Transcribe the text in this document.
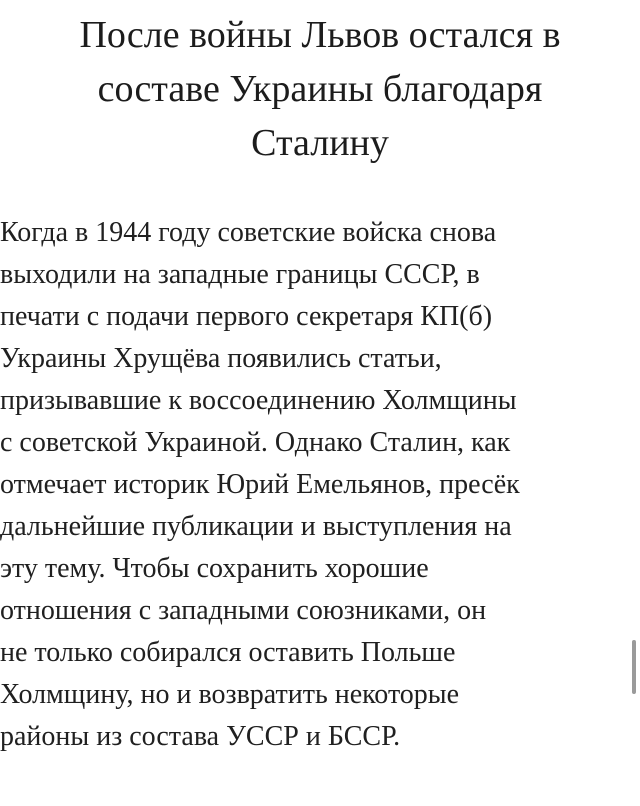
После войны Львов остался в
составе Украины благодаря
Сталину

Когда в 1944 году советские войска снова
выходили на западные границы СССР, в
печати с подачи первого секретаря КП(б)
Украины Хрущёва появились статьи,
призывавшие к воссоединению Холмщины
с советской Украиной. Однако Сталин, как
отмечает историк Юрий Емельянов, пресёк
дальнейшие публикации и выступления на
эту тему. Чтобы сохранить хорошие
отношения с западными союзниками, он
не только собирался оставить Польше
Холмщину, но и возвратить некоторые
районы из состава УССР и БССР.
